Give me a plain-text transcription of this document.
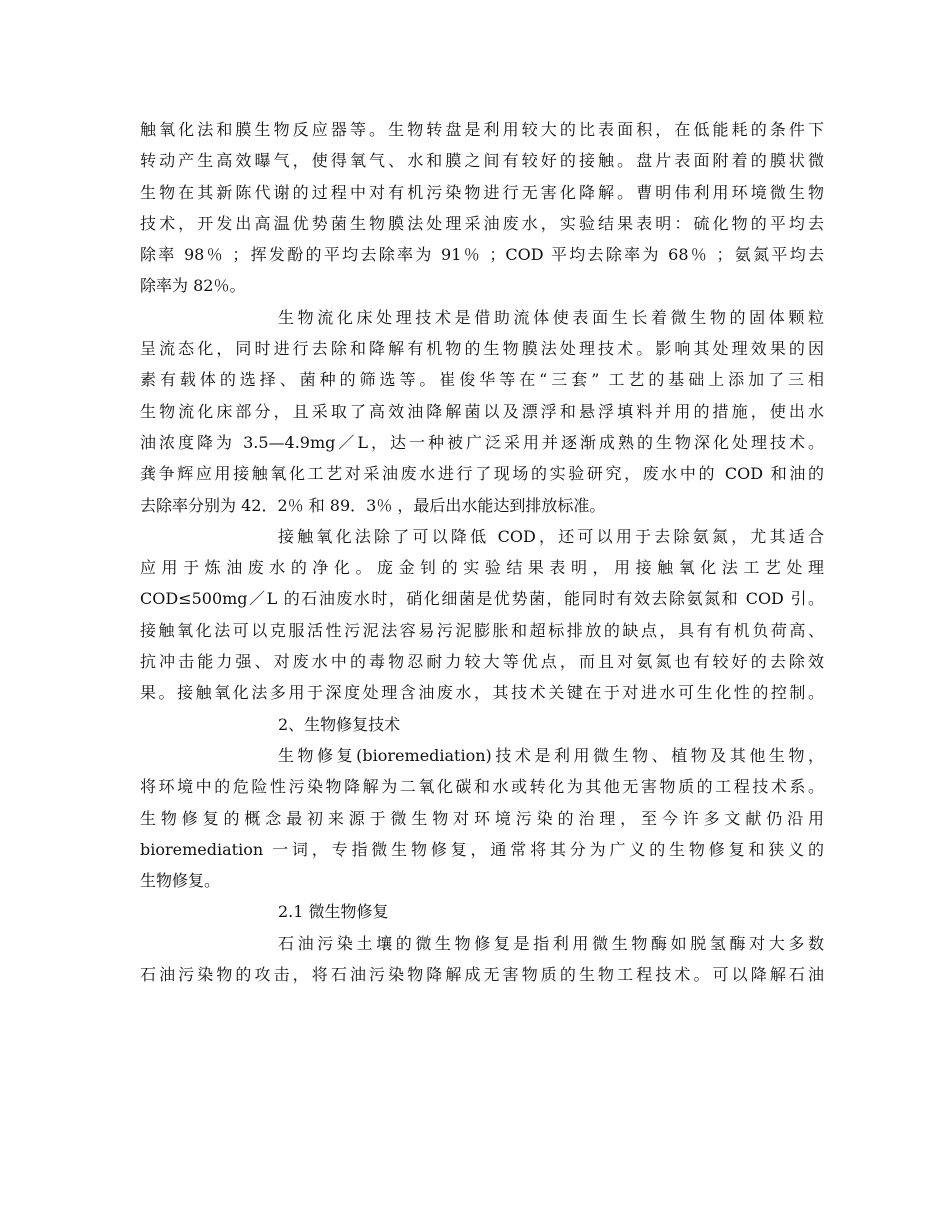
触氧化法和膜生物反应器等。生物转盘是利用较大的比表面积，在低能耗的条件下
转动产生高效曝气，使得氧气、水和膜之间有较好的接触。盘片表面附着的膜状微
生物在其新陈代谢的过程中对有机污染物进行无害化降解。曹明伟利用环境微生物
技术，开发出高温优势菌生物膜法处理采油废水，实验结果表明：硫化物的平均去
除率 98％ ；挥发酚的平均去除率为 91％ ；COD 平均去除率为 68％ ；氨氮平均去
除率为 82％。
生物流化床处理技术是借助流体使表面生长着微生物的固体颗粒
呈流态化，同时进行去除和降解有机物的生物膜法处理技术。影响其处理效果的因
素有载体的选择、菌种的筛选等。崔俊华等在“三套” 工艺的基础上添加了三相
生物流化床部分，且采取了高效油降解菌以及漂浮和悬浮填料并用的措施，使出水
油浓度降为 3.5—4.9mg／L，达一种被广泛采用并逐渐成熟的生物深化处理技术。
龚争辉应用接触氧化工艺对采油废水进行了现场的实验研究，废水中的 COD 和油的
去除率分别为 42．2％ 和 89．3％ ，最后出水能达到排放标准。
接触氧化法除了可以降低 COD，还可以用于去除氨氮，尤其适合
应用于炼油废水的净化。庞金钊的实验结果表明，用接触氧化法工艺处理
COD≤500mg／L 的石油废水时，硝化细菌是优势菌，能同时有效去除氨氮和 COD 引。
接触氧化法可以克服活性污泥法容易污泥膨胀和超标排放的缺点，具有有机负荷高、
抗冲击能力强、对废水中的毒物忍耐力较大等优点，而且对氨氮也有较好的去除效
果。接触氧化法多用于深度处理含油废水，其技术关键在于对进水可生化性的控制。
2、生物修复技术
生物修复(bioremediation)技术是利用微生物、植物及其他生物，
将环境中的危险性污染物降解为二氧化碳和水或转化为其他无害物质的工程技术系。
生物修复的概念最初来源于微生物对环境污染的治理，至今许多文献仍沿用
bioremediation 一词，专指微生物修复，通常将其分为广义的生物修复和狭义的
生物修复。
2.1 微生物修复
石油污染土壤的微生物修复是指利用微生物酶如脱氢酶对大多数
石油污染物的攻击，将石油污染物降解成无害物质的生物工程技术。可以降解石油
